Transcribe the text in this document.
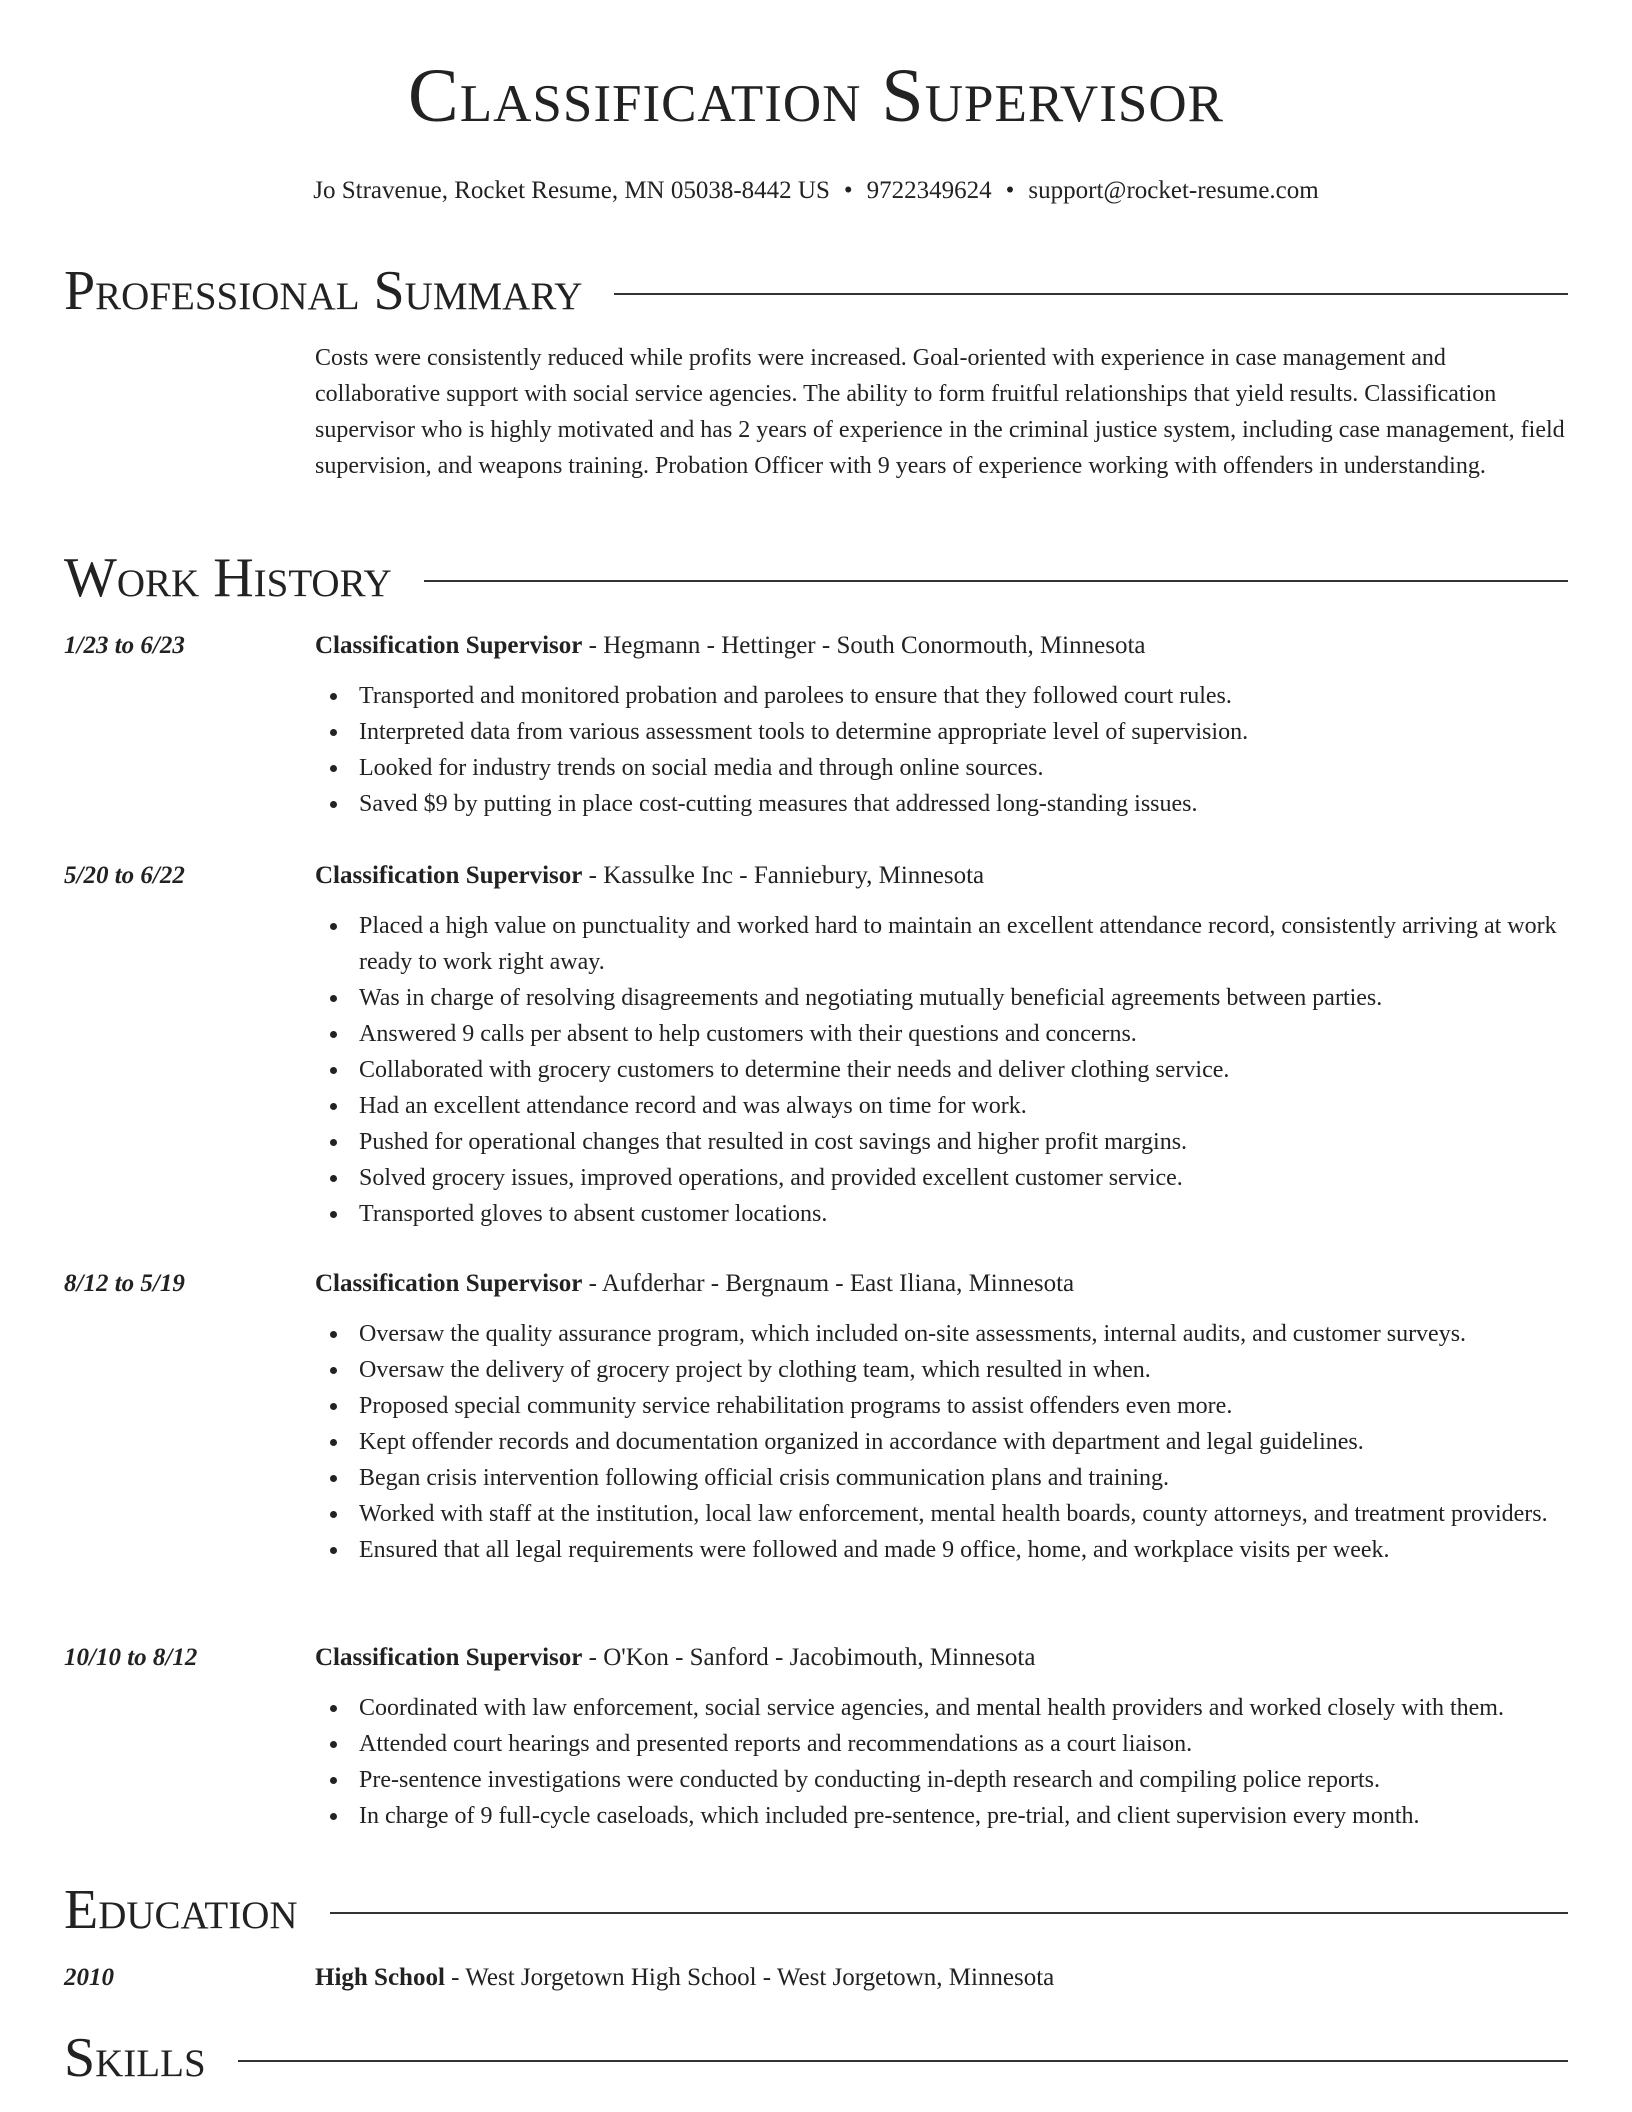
Classification Supervisor
Jo Stravenue, Rocket Resume, MN 05038-8442 US • 9722349624 • support@rocket-resume.com
Professional Summary
Costs were consistently reduced while profits were increased. Goal-oriented with experience in case management and collaborative support with social service agencies. The ability to form fruitful relationships that yield results. Classification supervisor who is highly motivated and has 2 years of experience in the criminal justice system, including case management, field supervision, and weapons training. Probation Officer with 9 years of experience working with offenders in understanding.
Work History
1/23 to 6/23	Classification Supervisor - Hegmann - Hettinger - South Conormouth, Minnesota
Transported and monitored probation and parolees to ensure that they followed court rules.
Interpreted data from various assessment tools to determine appropriate level of supervision.
Looked for industry trends on social media and through online sources.
Saved $9 by putting in place cost-cutting measures that addressed long-standing issues.
5/20 to 6/22	Classification Supervisor - Kassulke Inc - Fanniebury, Minnesota
Placed a high value on punctuality and worked hard to maintain an excellent attendance record, consistently arriving at work ready to work right away.
Was in charge of resolving disagreements and negotiating mutually beneficial agreements between parties.
Answered 9 calls per absent to help customers with their questions and concerns.
Collaborated with grocery customers to determine their needs and deliver clothing service.
Had an excellent attendance record and was always on time for work.
Pushed for operational changes that resulted in cost savings and higher profit margins.
Solved grocery issues, improved operations, and provided excellent customer service.
Transported gloves to absent customer locations.
8/12 to 5/19	Classification Supervisor - Aufderhar - Bergnaum - East Iliana, Minnesota
Oversaw the quality assurance program, which included on-site assessments, internal audits, and customer surveys.
Oversaw the delivery of grocery project by clothing team, which resulted in when.
Proposed special community service rehabilitation programs to assist offenders even more.
Kept offender records and documentation organized in accordance with department and legal guidelines.
Began crisis intervention following official crisis communication plans and training.
Worked with staff at the institution, local law enforcement, mental health boards, county attorneys, and treatment providers.
Ensured that all legal requirements were followed and made 9 office, home, and workplace visits per week.
10/10 to 8/12	Classification Supervisor - O'Kon - Sanford - Jacobimouth, Minnesota
Coordinated with law enforcement, social service agencies, and mental health providers and worked closely with them.
Attended court hearings and presented reports and recommendations as a court liaison.
Pre-sentence investigations were conducted by conducting in-depth research and compiling police reports.
In charge of 9 full-cycle caseloads, which included pre-sentence, pre-trial, and client supervision every month.
Education
2010	High School - West Jorgetown High School - West Jorgetown, Minnesota
Skills
